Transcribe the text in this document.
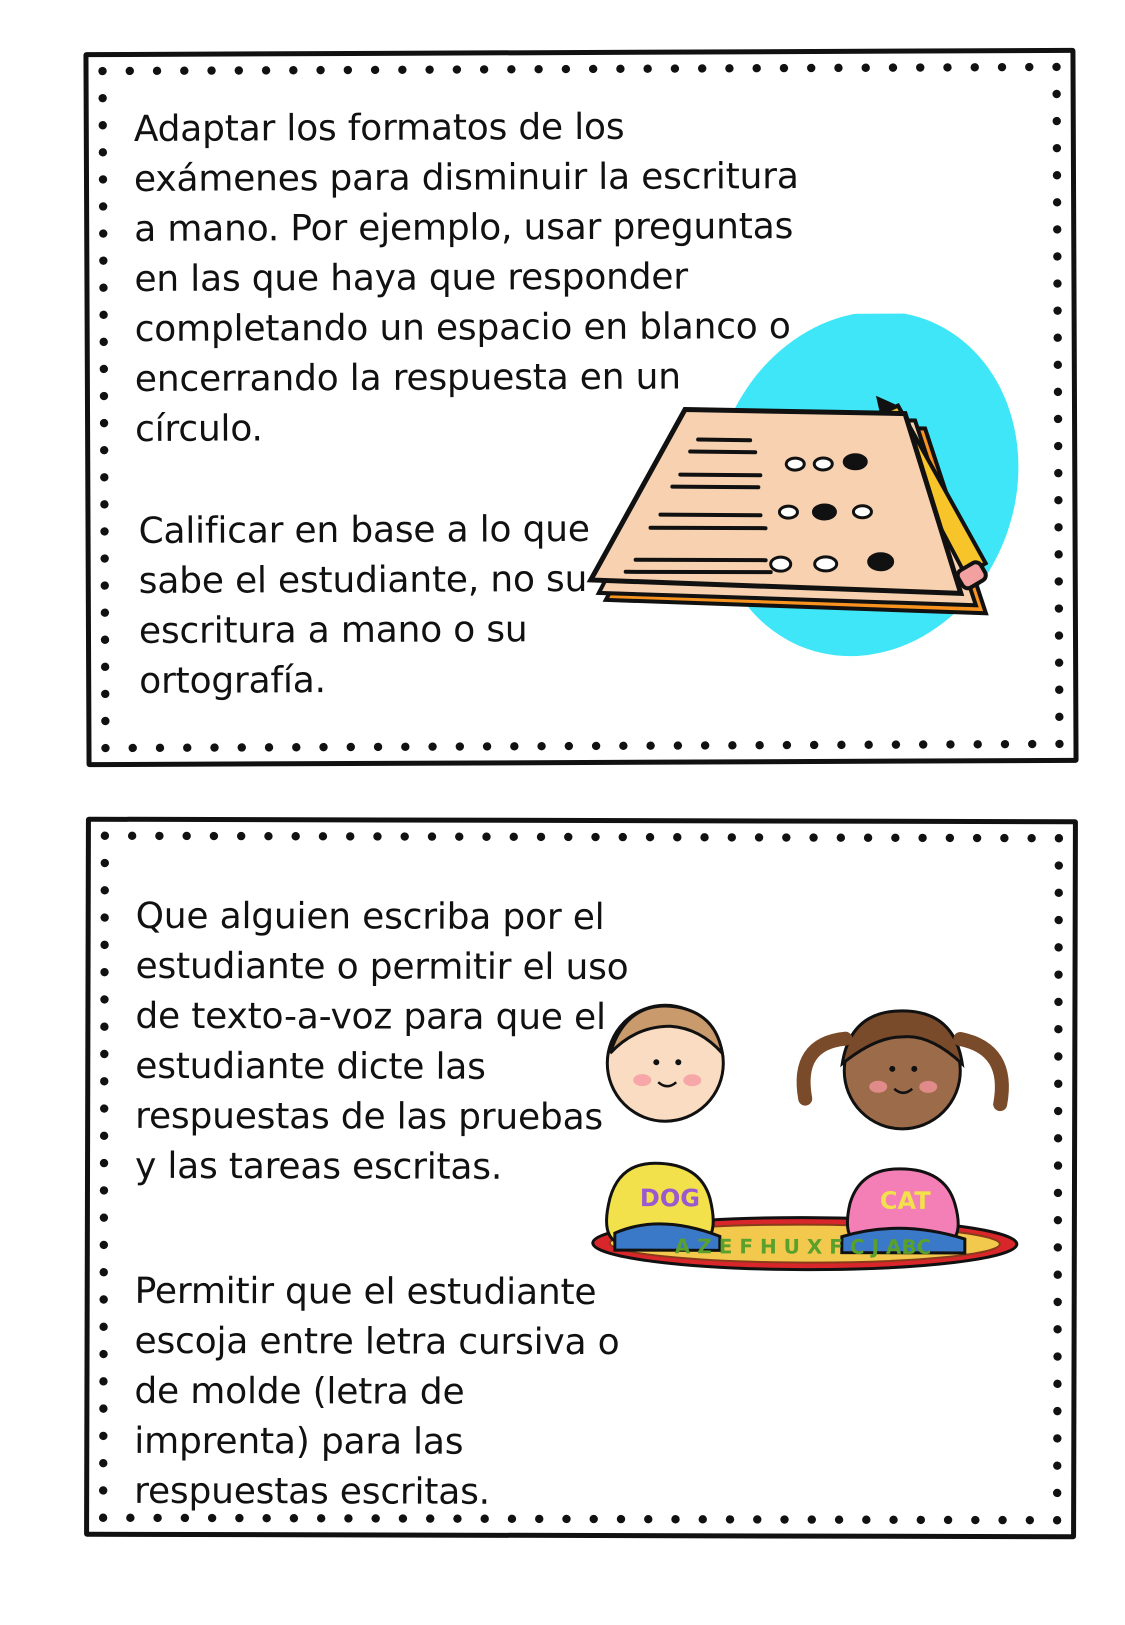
Adaptar los formatos de los exámenes para disminuir la escritura a mano. Por ejemplo, usar preguntas en las que haya que responder completando un espacio en blanco o encerrando la respuesta en un círculo.

Calificar en base a lo que sabe el estudiante, no su escritura a mano o su ortografía.

Que alguien escriba por el estudiante o permitir el uso de texto-a-voz para que el estudiante dicte las respuestas de las pruebas y las tareas escritas.

Permitir que el estudiante escoja entre letra cursiva o de molde (letra de imprenta) para las respuestas escritas.

DOG	CAT
A Z E F H U X F C J ABC
